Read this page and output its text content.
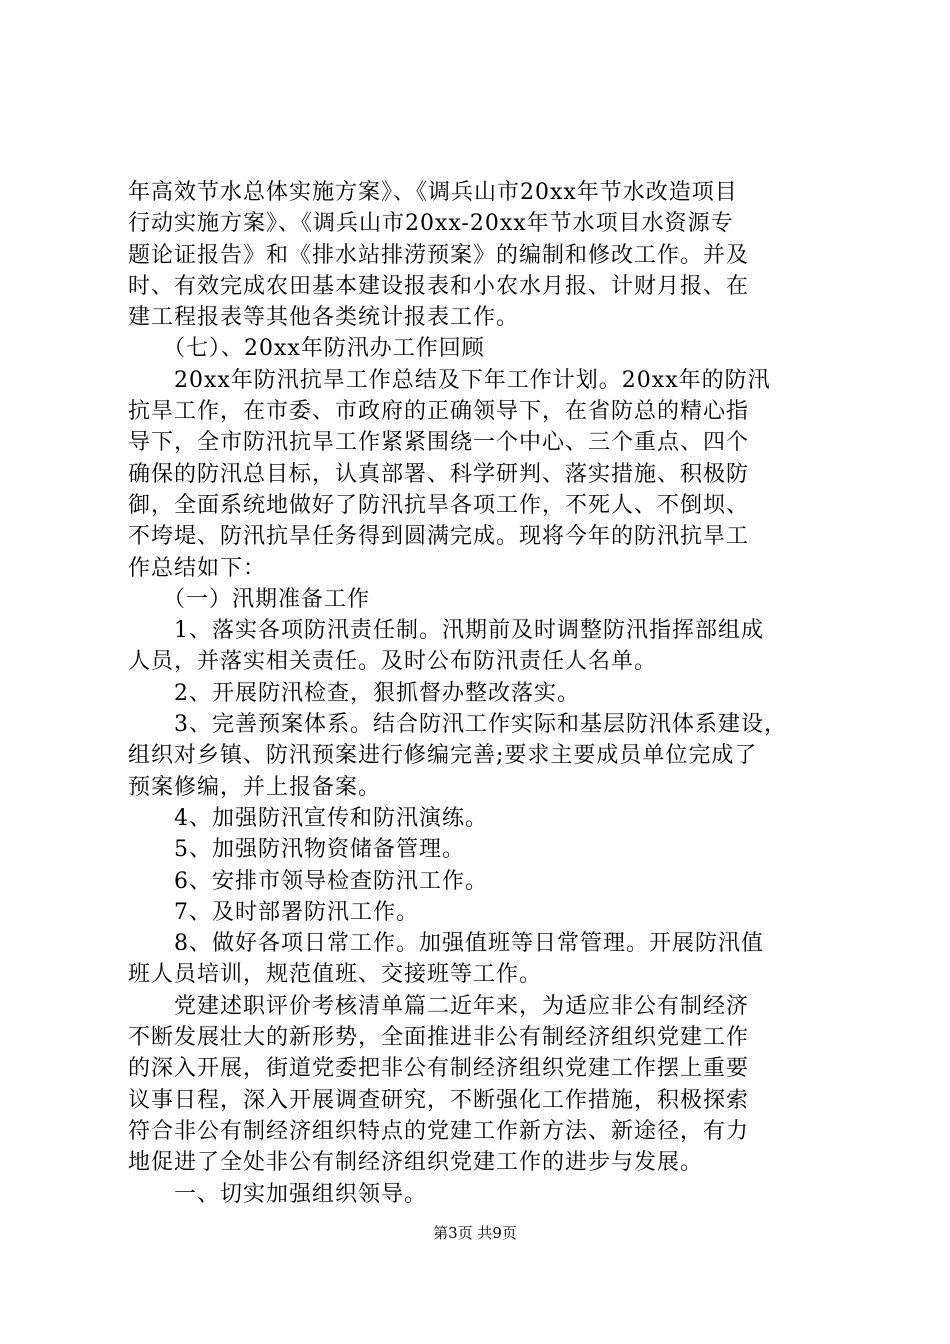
年高效节水总体实施方案》、《调兵山市20xx年节水改造项目
行动实施方案》、《调兵山市20xx-20xx年节水项目水资源专
题论证报告》和《排水站排涝预案》的编制和修改工作。并及
时、有效完成农田基本建设报表和小农水月报、计财月报、在
建工程报表等其他各类统计报表工作。
　　（七）、20xx年防汛办工作回顾
　　20xx年防汛抗旱工作总结及下年工作计划。20xx年的防汛
抗旱工作，在市委、市政府的正确领导下，在省防总的精心指
导下，全市防汛抗旱工作紧紧围绕一个中心、三个重点、四个
确保的防汛总目标，认真部署、科学研判、落实措施、积极防
御，全面系统地做好了防汛抗旱各项工作，不死人、不倒坝、
不垮堤、防汛抗旱任务得到圆满完成。现将今年的防汛抗旱工
作总结如下：
　　（一）汛期准备工作
　　1、落实各项防汛责任制。汛期前及时调整防汛指挥部组成
人员，并落实相关责任。及时公布防汛责任人名单。
　　2、开展防汛检查，狠抓督办整改落实。
　　3、完善预案体系。结合防汛工作实际和基层防汛体系建设，
组织对乡镇、防汛预案进行修编完善;要求主要成员单位完成了
预案修编，并上报备案。
　　4、加强防汛宣传和防汛演练。
　　5、加强防汛物资储备管理。
　　6、安排市领导检查防汛工作。
　　7、及时部署防汛工作。
　　8、做好各项日常工作。加强值班等日常管理。开展防汛值
班人员培训，规范值班、交接班等工作。
　　党建述职评价考核清单篇二近年来，为适应非公有制经济
不断发展壮大的新形势，全面推进非公有制经济组织党建工作
的深入开展，街道党委把非公有制经济组织党建工作摆上重要
议事日程，深入开展调查研究，不断强化工作措施，积极探索
符合非公有制经济组织特点的党建工作新方法、新途径，有力
地促进了全处非公有制经济组织党建工作的进步与发展。
　　一、切实加强组织领导。
第3页 共9页
